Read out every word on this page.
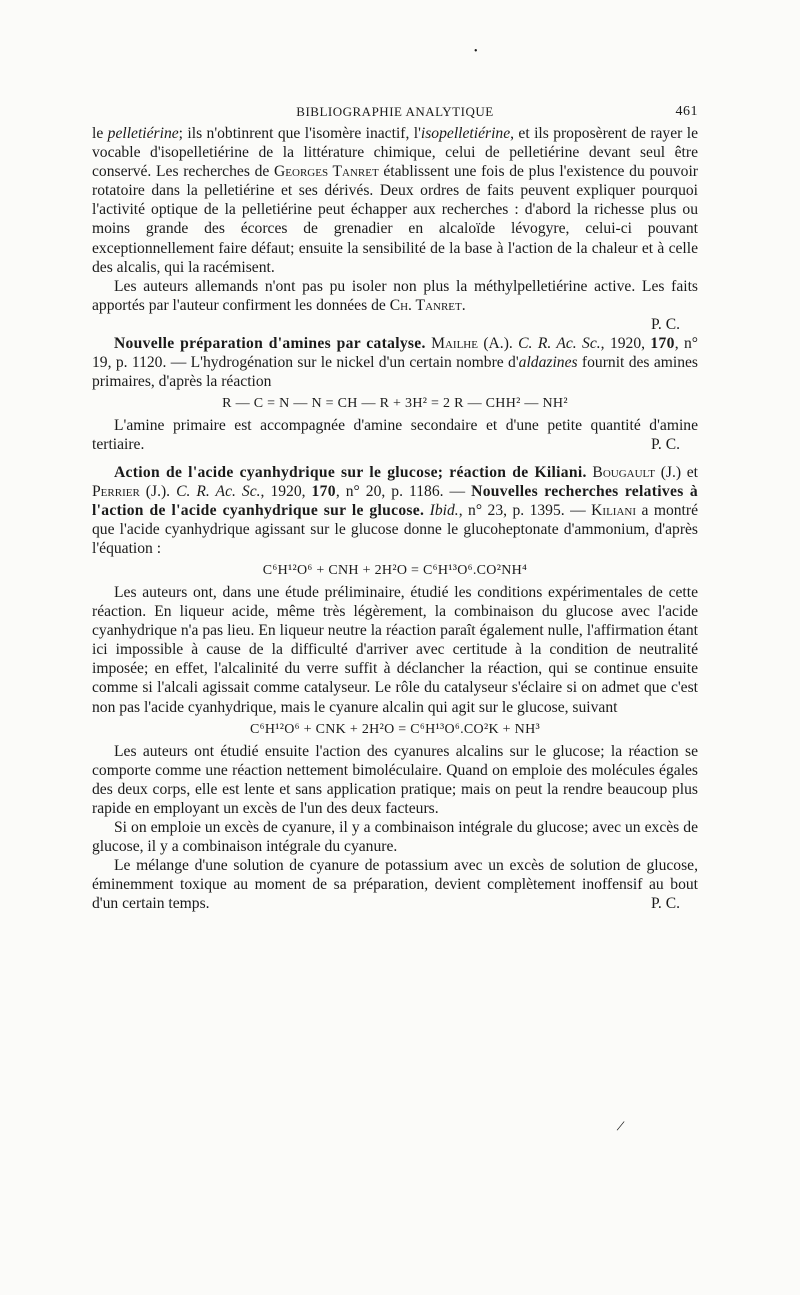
•
/
BIBLIOGRAPHIE ANALYTIQUE	461

le pelletiérine; ils n'obtinrent que l'isomère inactif, l'isopelletiérine, et ils proposèrent de rayer le vocable d'isopelletiérine de la littérature chimique, celui de pelletiérine devant seul être conservé. Les recherches de Georges Tanret établissent une fois de plus l'existence du pouvoir rotatoire dans la pelletiérine et ses dérivés. Deux ordres de faits peuvent expliquer pourquoi l'activité optique de la pelletiérine peut échapper aux recherches : d'abord la richesse plus ou moins grande des écorces de grenadier en alcaloïde lévogyre, celui-ci pouvant exceptionnellement faire défaut; ensuite la sensibilité de la base à l'action de la chaleur et à celle des alcalis, qui la racémisent.

Les auteurs allemands n'ont pas pu isoler non plus la méthylpelletiérine active. Les faits apportés par l'auteur confirment les données de Ch. Tanret.

P. C.

Nouvelle préparation d'amines par catalyse. Mailhe (A.). C. R. Ac. Sc., 1920, 170, n° 19, p. 1120. — L'hydrogénation sur le nickel d'un certain nombre d'aldazines fournit des amines primaires, d'après la réaction

R — C = N — N = CH — R + 3H² = 2 R — CHH² — NH²

L'amine primaire est accompagnée d'amine secondaire et d'une petite quantité d'amine tertiaire.	P. C.

Action de l'acide cyanhydrique sur le glucose; réaction de Kiliani. Bougault (J.) et Perrier (J.). C. R. Ac. Sc., 1920, 170, n° 20, p. 1186. — Nouvelles recherches relatives à l'action de l'acide cyanhydrique sur le glucose. Ibid., n° 23, p. 1395. — Kiliani a montré que l'acide cyanhydrique agissant sur le glucose donne le glucoheptonate d'ammonium, d'après l'équation :

C⁶H¹²O⁶ + CNH + 2H²O = C⁶H¹³O⁶.CO²NH⁴

Les auteurs ont, dans une étude préliminaire, étudié les conditions expérimentales de cette réaction. En liqueur acide, même très légèrement, la combinaison du glucose avec l'acide cyanhydrique n'a pas lieu. En liqueur neutre la réaction paraît également nulle, l'affirmation étant ici impossible à cause de la difficulté d'arriver avec certitude à la condition de neutralité imposée; en effet, l'alcalinité du verre suffit à déclancher la réaction, qui se continue ensuite comme si l'alcali agissait comme catalyseur. Le rôle du catalyseur s'éclaire si on admet que c'est non pas l'acide cyanhydrique, mais le cyanure alcalin qui agit sur le glucose, suivant

C⁶H¹²O⁶ + CNK + 2H²O = C⁶H¹³O⁶.CO²K + NH³

Les auteurs ont étudié ensuite l'action des cyanures alcalins sur le glucose; la réaction se comporte comme une réaction nettement bimoléculaire. Quand on emploie des molécules égales des deux corps, elle est lente et sans application pratique; mais on peut la rendre beaucoup plus rapide en employant un excès de l'un des deux facteurs.

Si on emploie un excès de cyanure, il y a combinaison intégrale du glucose; avec un excès de glucose, il y a combinaison intégrale du cyanure.

Le mélange d'une solution de cyanure de potassium avec un excès de solution de glucose, éminemment toxique au moment de sa préparation, devient complètement inoffensif au bout d'un certain temps.	P. C.
